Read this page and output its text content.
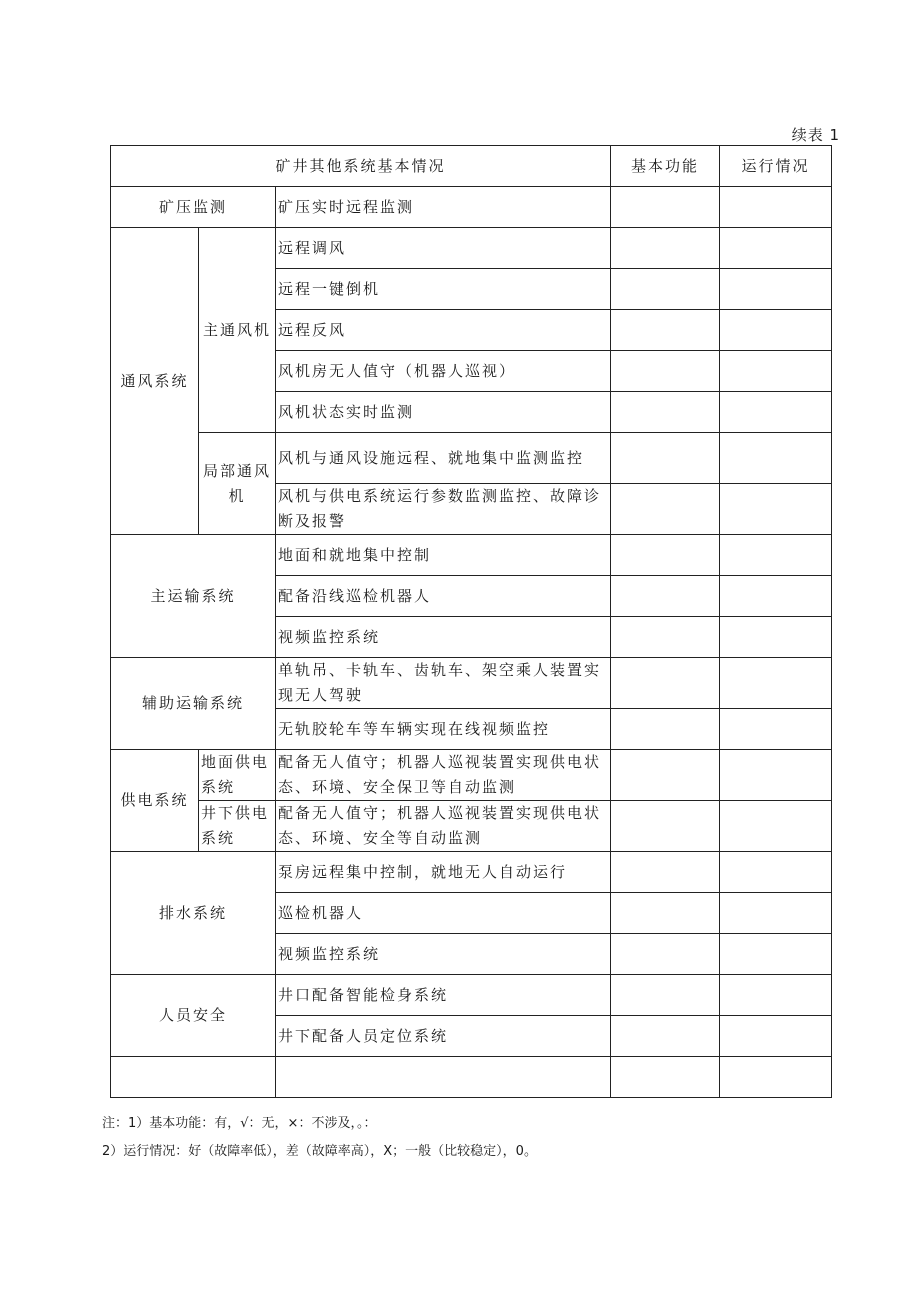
续表 1
矿井其他系统基本情况			基本功能	运行情况
矿压监测		矿压实时远程监测		
通风系统	主通风机	远程调风		
		远程一键倒机		
		远程反风		
		风机房无人值守（机器人巡视）		
		风机状态实时监测		
	局部通风机	风机与通风设施远程、就地集中监测监控		
		风机与供电系统运行参数监测监控、故障诊断及报警		
主运输系统		地面和就地集中控制		
		配备沿线巡检机器人		
		视频监控系统		
辅助运输系统		单轨吊、卡轨车、齿轨车、架空乘人装置实现无人驾驶		
		无轨胶轮车等车辆实现在线视频监控		
供电系统	地面供电系统	配备无人值守；机器人巡视装置实现供电状态、环境、安全保卫等自动监测		
	井下供电系统	配备无人值守；机器人巡视装置实现供电状态、环境、安全等自动监测		
排水系统		泵房远程集中控制，就地无人自动运行		
		巡检机器人		
		视频监控系统		
人员安全		井口配备智能检身系统		
		井下配备人员定位系统		

注：1）基本功能：有，√：无，×：不涉及，。：
2）运行情况：好（故障率低），差（故障率高），X；一般（比较稳定），0。
